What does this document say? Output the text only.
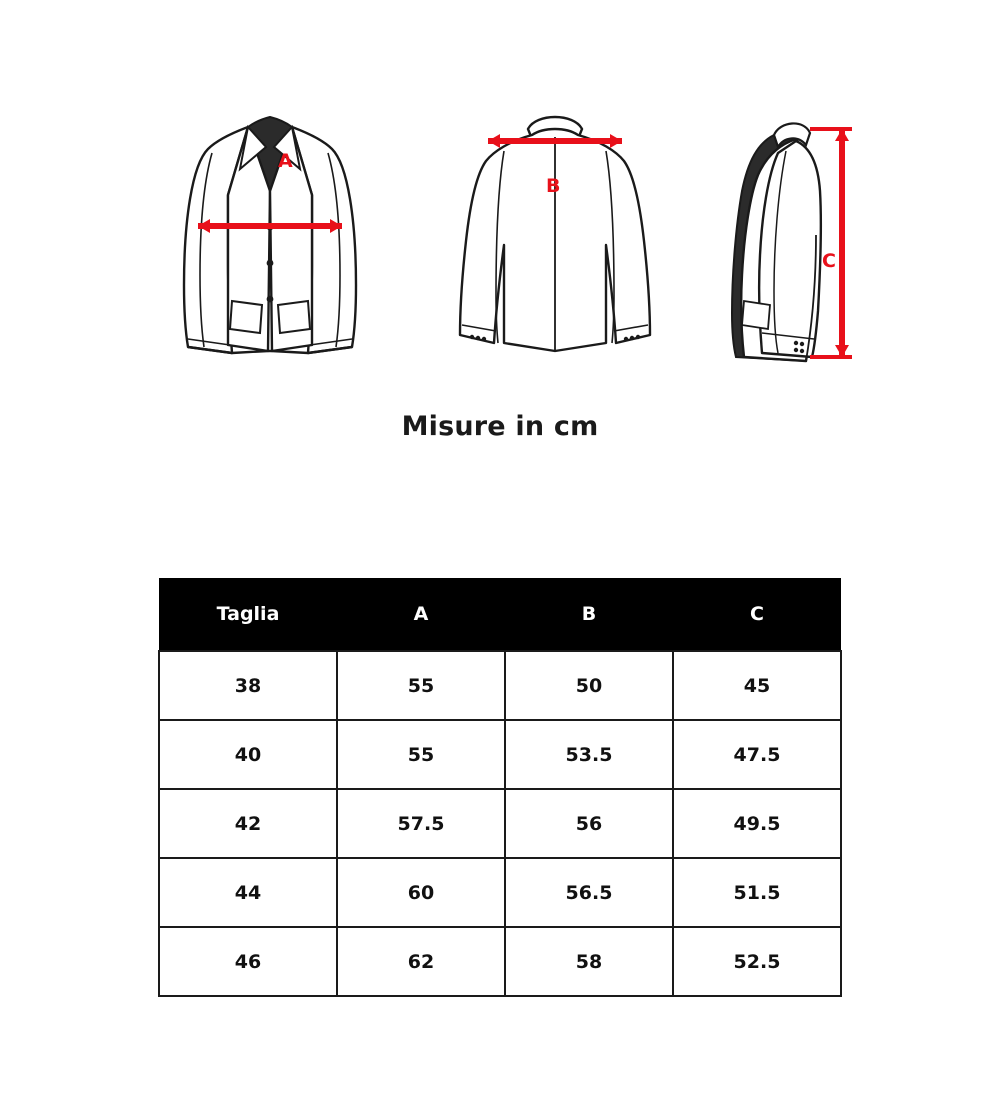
A
B
C
Misure in cm
Taglia	A	B	C
38	55	50	45
40	55	53.5	47.5
42	57.5	56	49.5
44	60	56.5	51.5
46	62	58	52.5
